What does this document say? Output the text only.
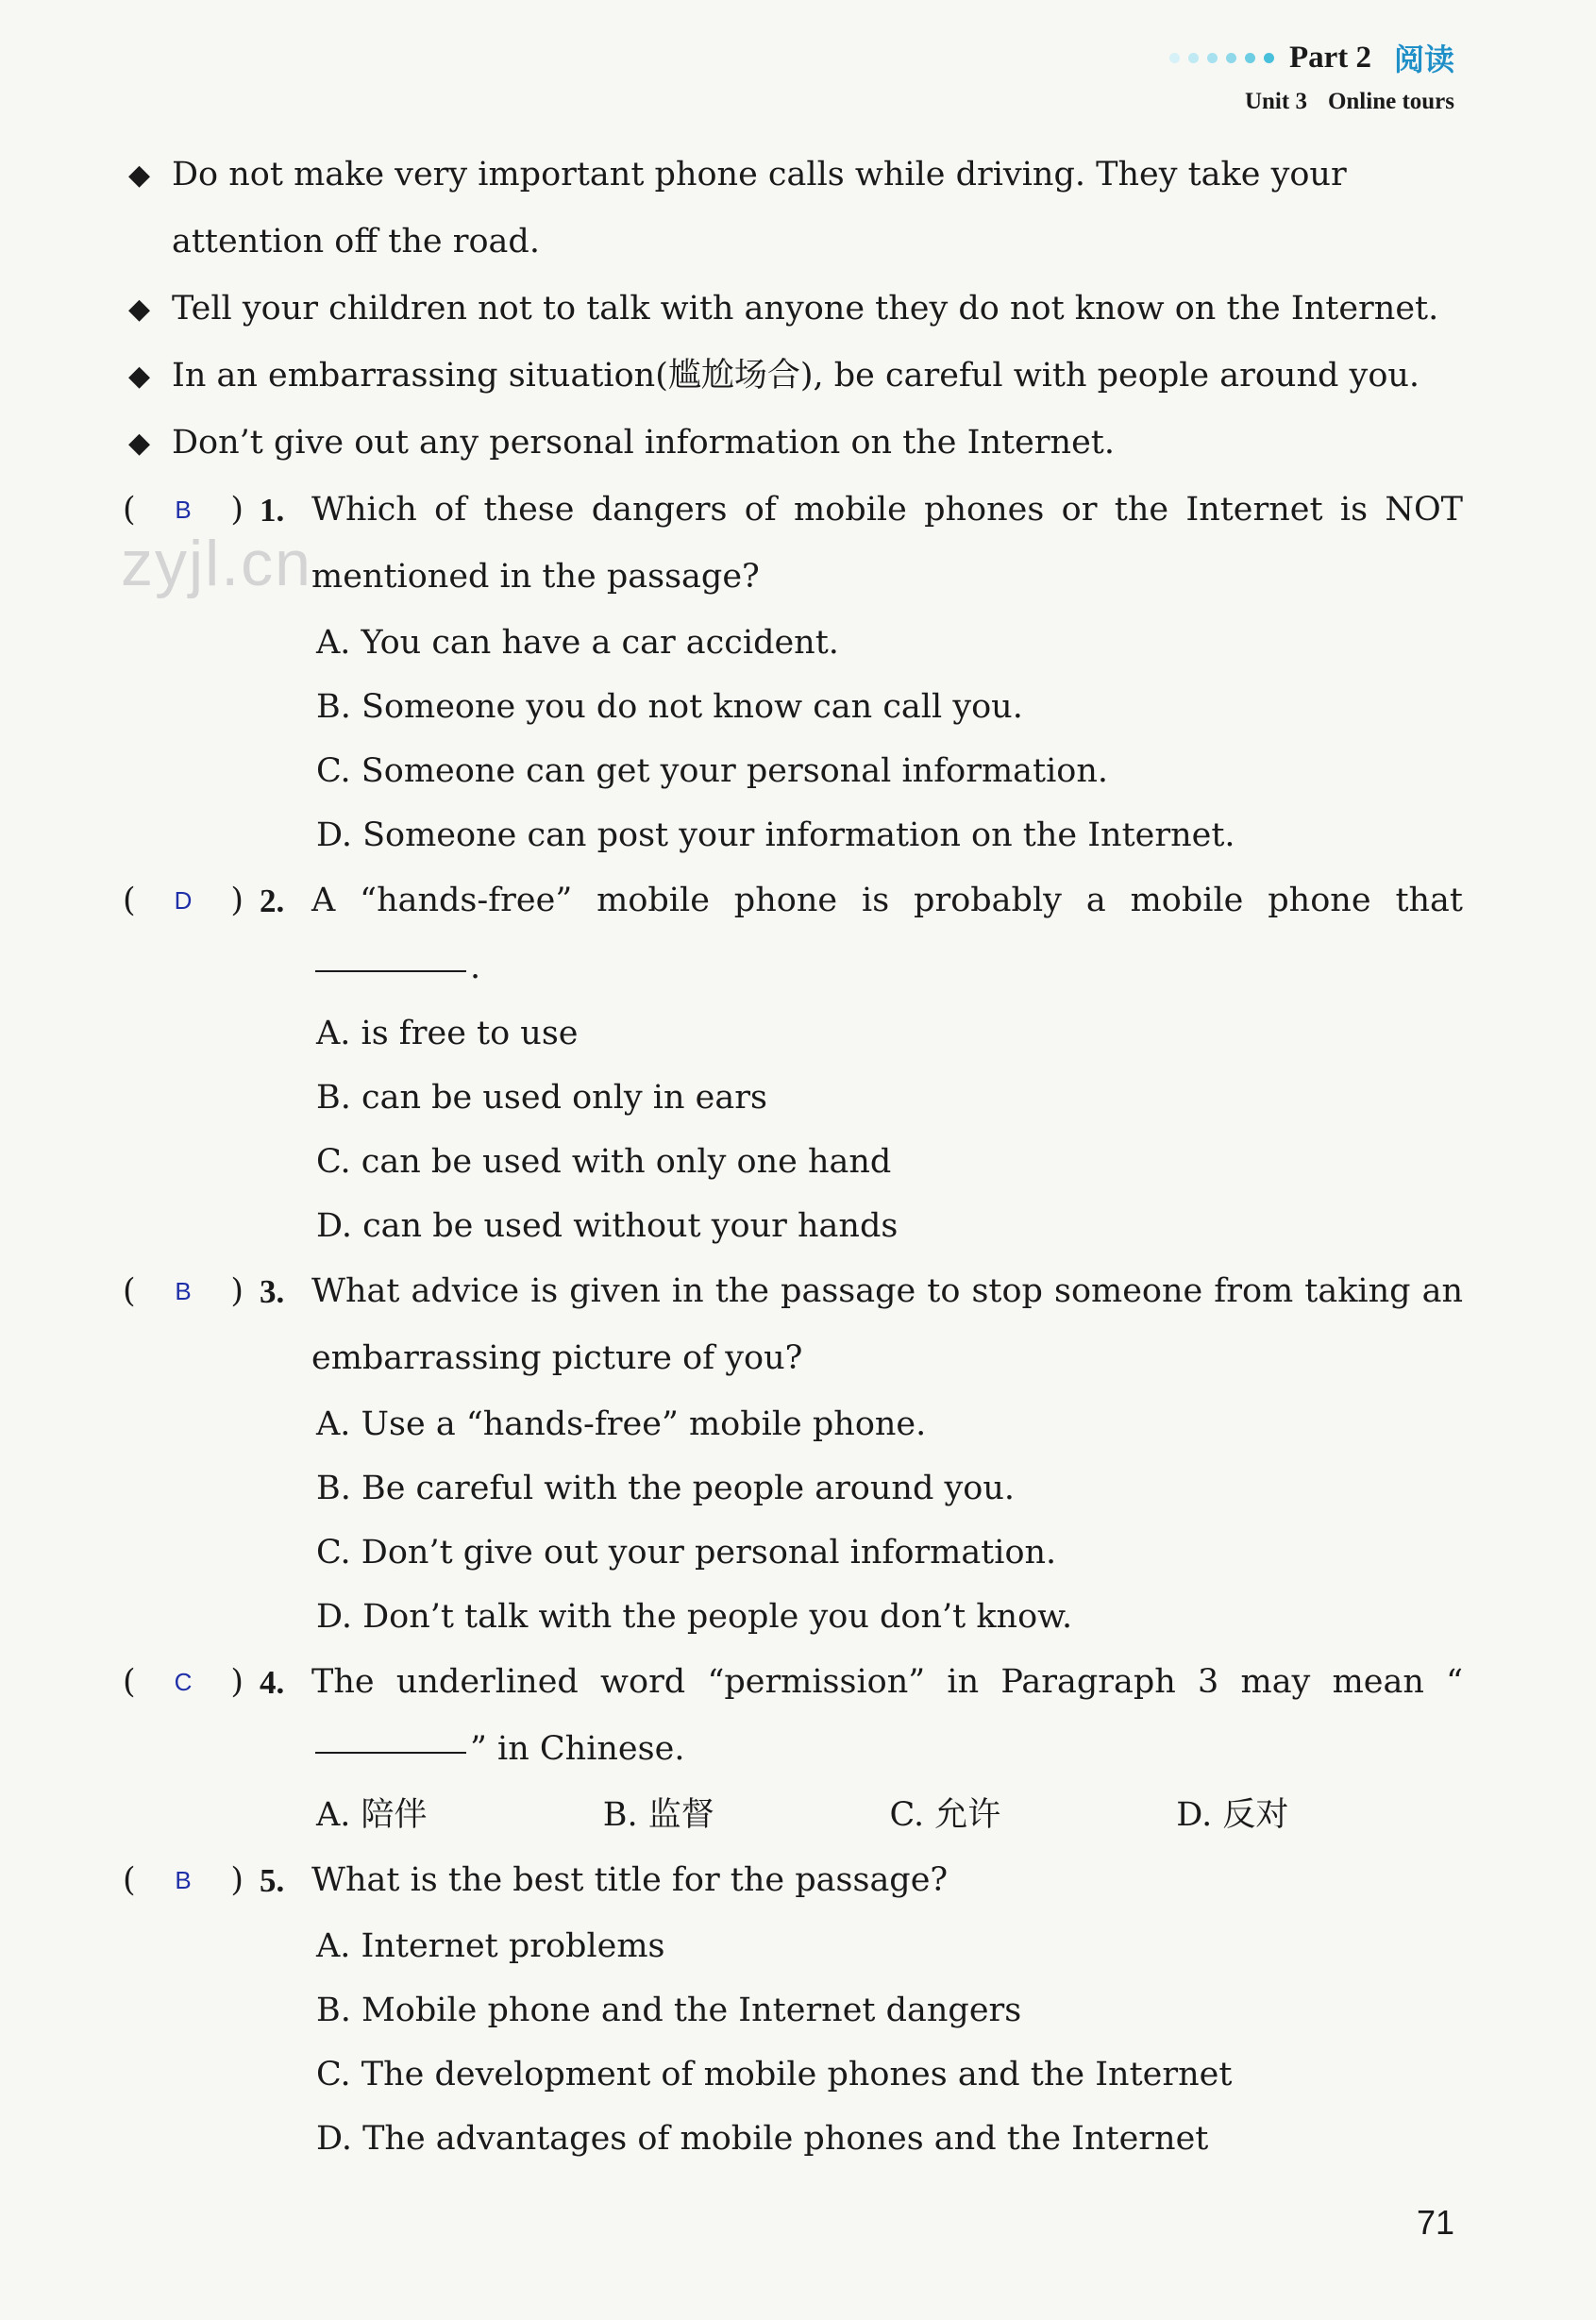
Part 2 阅读
Unit 3 Online tours
zyjl.cn
◆ Do not make very important phone calls while driving. They take your attention off the road.
◆ Tell your children not to talk with anyone they do not know on the Internet.
◆ In an embarrassing situation(尴尬场合), be careful with people around you.
◆ Don’t give out any personal information on the Internet.
( B ) 1. Which of these dangers of mobile phones or the Internet is NOT mentioned in the passage?
A. You can have a car accident.
B. Someone you do not know can call you.
C. Someone can get your personal information.
D. Someone can post your information on the Internet.
( D ) 2. A “hands-free” mobile phone is probably a mobile phone that .
A. is free to use
B. can be used only in ears
C. can be used with only one hand
D. can be used without your hands
( B ) 3. What advice is given in the passage to stop someone from taking an embarrassing picture of you?
A. Use a “hands-free” mobile phone.
B. Be careful with the people around you.
C. Don’t give out your personal information.
D. Don’t talk with the people you don’t know.
( C ) 4. The underlined word “permission” in Paragraph 3 may mean “” in Chinese.
A. 陪伴	B. 监督	C. 允许	D. 反对
( B ) 5. What is the best title for the passage?
A. Internet problems
B. Mobile phone and the Internet dangers
C. The development of mobile phones and the Internet
D. The advantages of mobile phones and the Internet
71
